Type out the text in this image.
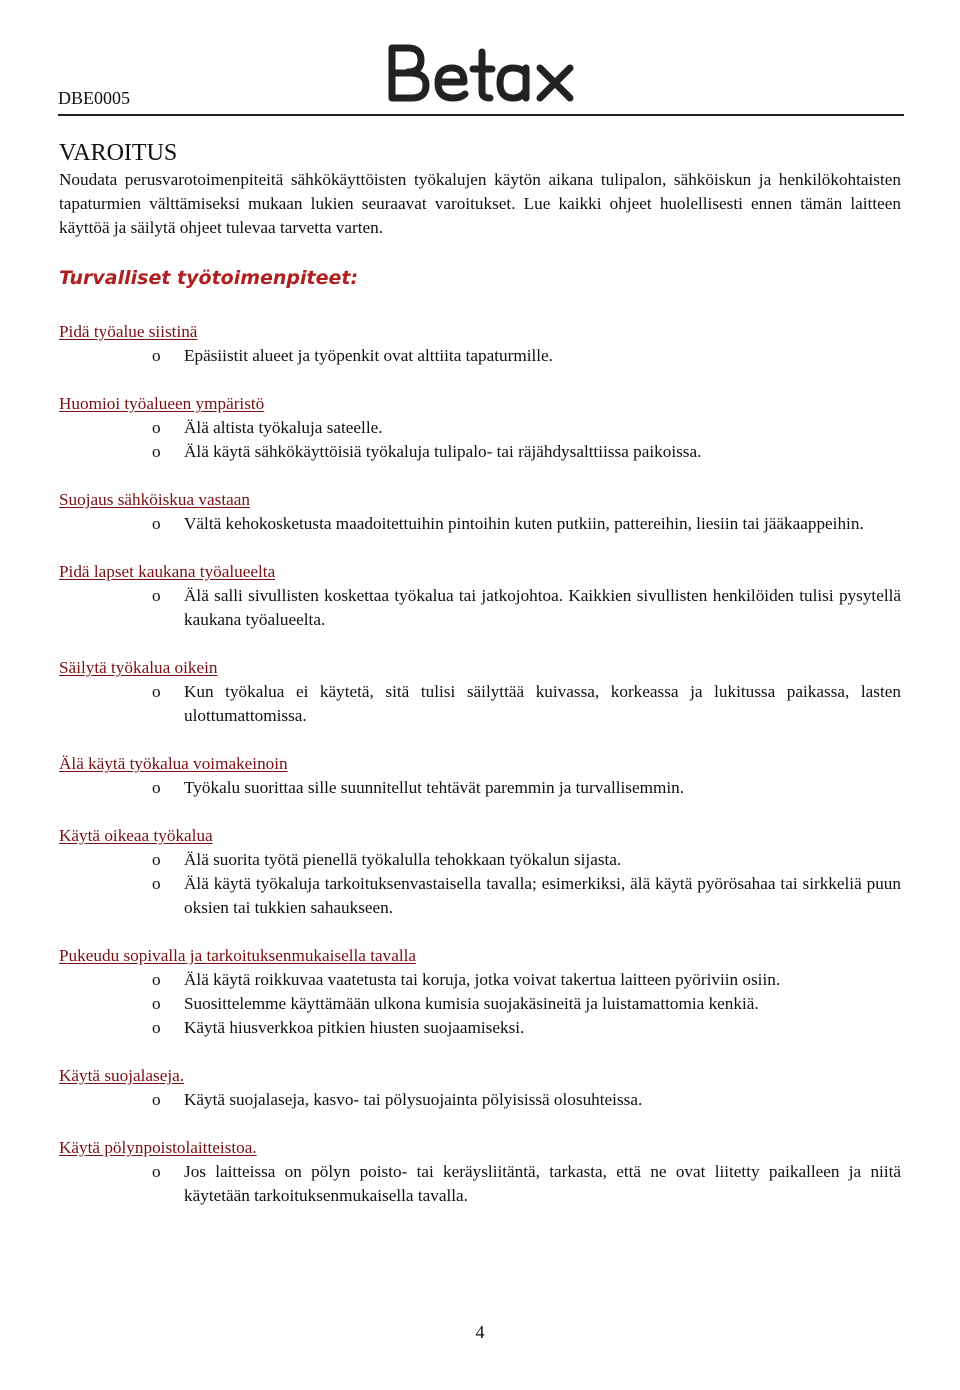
DBE0005
VAROITUS

Noudata perusvarotoimenpiteitä sähkökäyttöisten työkalujen käytön aikana tulipalon, sähköiskun ja henkilökohtaisten tapaturmien välttämiseksi mukaan lukien seuraavat varoitukset. Lue kaikki ohjeet huolellisesti ennen tämän laitteen käyttöä ja säilytä ohjeet tulevaa tarvetta varten.

Turvalliset työtoimenpiteet:
Pidä työalue siistinä
o Epäsiistit alueet ja työpenkit ovat alttiita tapaturmille.
Huomioi työalueen ympäristö
o Älä altista työkaluja sateelle.
o Älä käytä sähkökäyttöisiä työkaluja tulipalo- tai räjähdysalttiissa paikoissa.
Suojaus sähköiskua vastaan
o Vältä kehokosketusta maadoitettuihin pintoihin kuten putkiin, pattereihin, liesiin tai jääkaappeihin.
Pidä lapset kaukana työalueelta
o Älä salli sivullisten koskettaa työkalua tai jatkojohtoa. Kaikkien sivullisten henkilöiden tulisi pysytellä kaukana työalueelta.
Säilytä työkalua oikein
o Kun työkalua ei käytetä, sitä tulisi säilyttää kuivassa, korkeassa ja lukitussa paikassa, lasten ulottumattomissa.
Älä käytä työkalua voimakeinoin
o Työkalu suorittaa sille suunnitellut tehtävät paremmin ja turvallisemmin.
Käytä oikeaa työkalua
o Älä suorita työtä pienellä työkalulla tehokkaan työkalun sijasta.
o Älä käytä työkaluja tarkoituksenvastaisella tavalla; esimerkiksi, älä käytä pyörösahaa tai sirkkeliä puun oksien tai tukkien sahaukseen.
Pukeudu sopivalla ja tarkoituksenmukaisella tavalla
o Älä käytä roikkuvaa vaatetusta tai koruja, jotka voivat takertua laitteen pyöriviin osiin.
o Suosittelemme käyttämään ulkona kumisia suojakäsineitä ja luistamattomia kenkiä.
o Käytä hiusverkkoa pitkien hiusten suojaamiseksi.
Käytä suojalaseja.
o Käytä suojalaseja, kasvo- tai pölysuojainta pölyisissä olosuhteissa.
Käytä pölynpoistolaitteistoa.
o Jos laitteissa on pölyn poisto- tai keräysliitäntä, tarkasta, että ne ovat liitetty paikalleen ja niitä käytetään tarkoituksenmukaisella tavalla.
4
